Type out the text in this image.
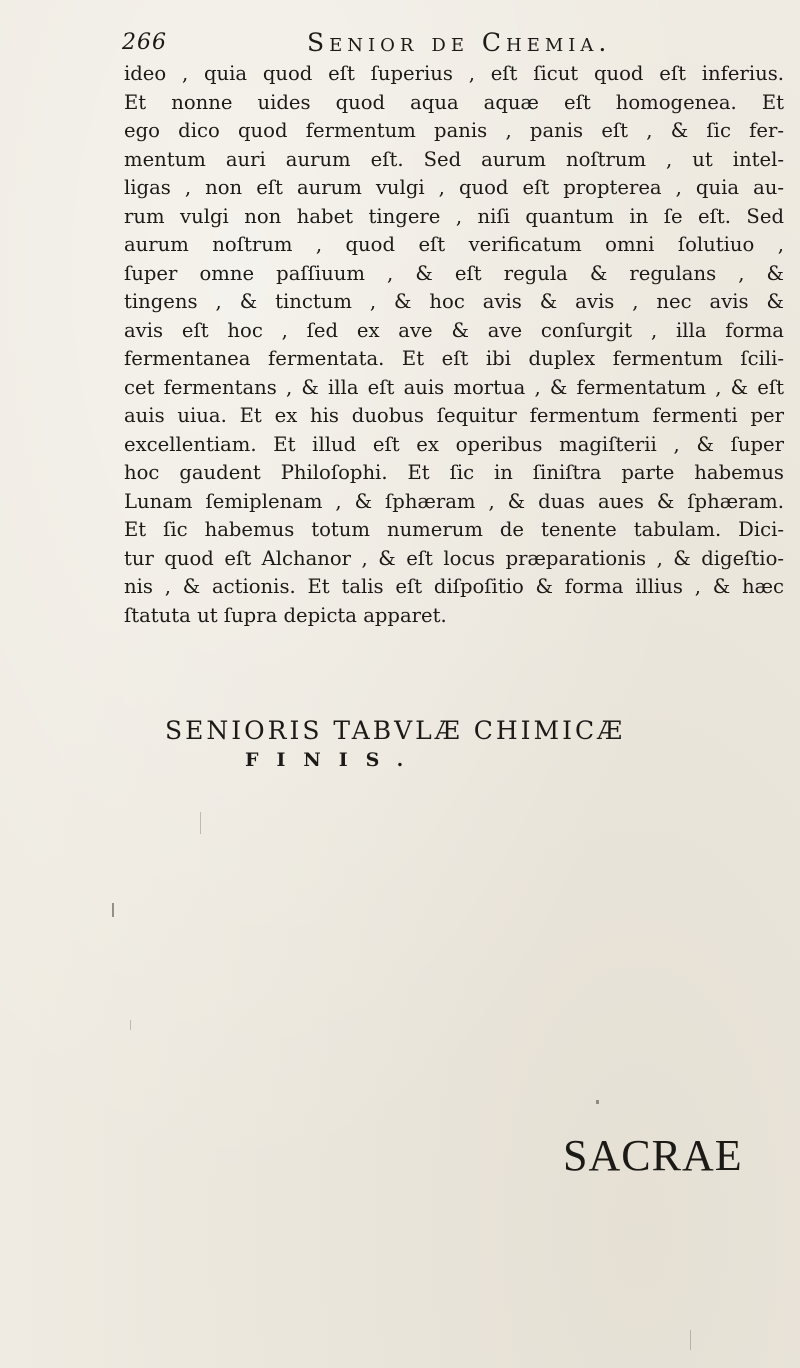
266	Senior de Chemia.
ideo , quia quod eſt ſuperius , eſt ſicut quod eſt inferius.
Et nonne uides quod aqua aquæ eſt homogenea. Et
ego dico quod fermentum panis , panis eſt , & ſic fer-
mentum auri aurum eſt. Sed aurum noſtrum , ut intel-
ligas , non eſt aurum vulgi , quod eſt propterea , quia au-
rum vulgi non habet tingere , niſi quantum in ſe eſt. Sed
aurum noſtrum , quod eſt verificatum omni ſolutiuo ,
ſuper omne paſſiuum , & eſt regula & regulans , &
tingens , & tinctum , & hoc avis & avis , nec avis &
avis eſt hoc , ſed ex ave & ave conſurgit , illa forma
fermentanea fermentata. Et eſt ibi duplex fermentum ſcili-
cet fermentans , & illa eſt auis mortua , & fermentatum , & eſt
auis uiua. Et ex his duobus ſequitur fermentum fermenti per
excellentiam. Et illud eſt ex operibus magiſterii , & ſuper
hoc gaudent Philoſophi. Et ſic in ſiniſtra parte habemus
Lunam ſemiplenam , & ſphæram , & duas aues & ſphæram.
Et ſic habemus totum numerum de tenente tabulam. Dici-
tur quod eſt Alchanor , & eſt locus præparationis , & digeſtio-
nis , & actionis. Et talis eſt diſpoſitio & forma illius , & hæc
ſtatuta ut ſupra depicta apparet.
SENIORIS TABVLÆ CHIMICÆ
FINIS.
SACRAE
